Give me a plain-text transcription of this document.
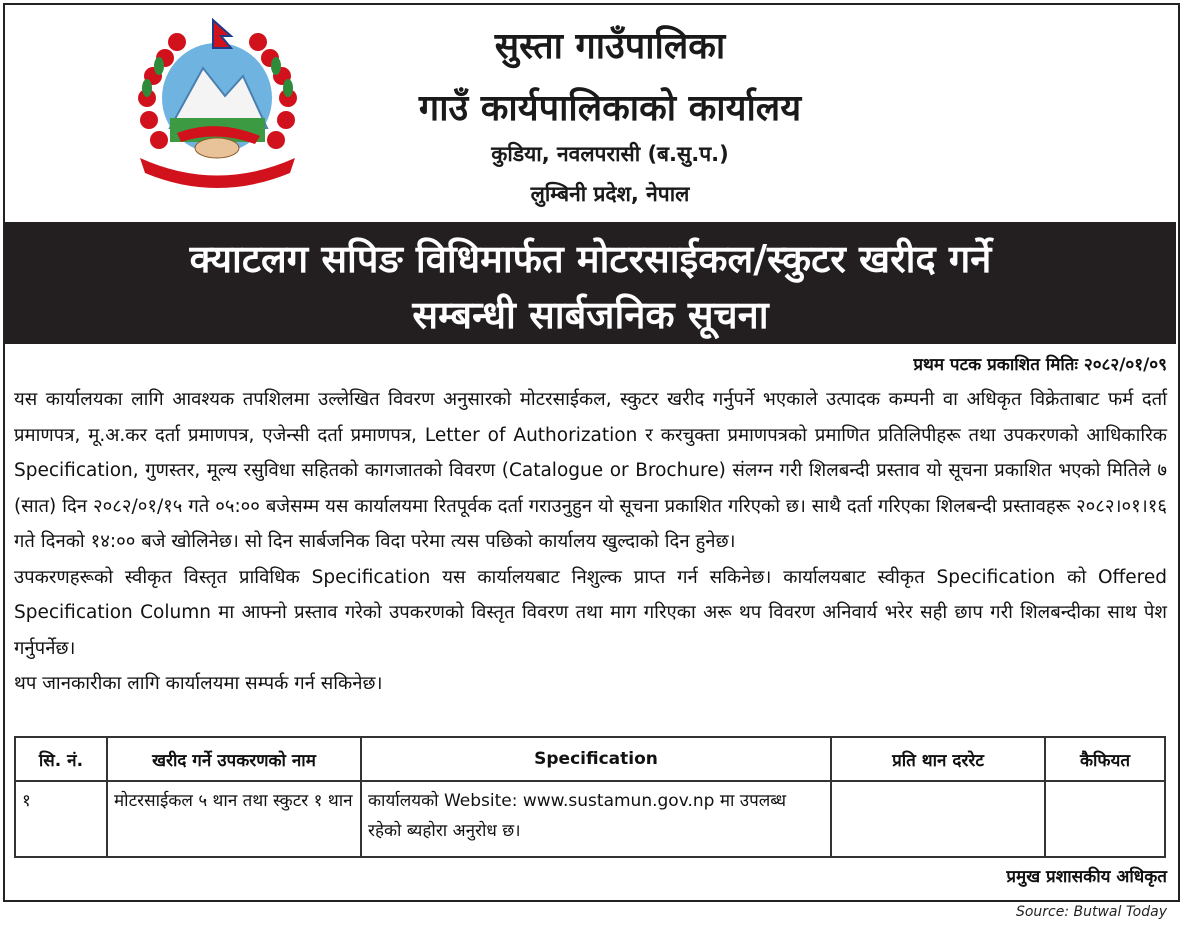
सुस्ता गाउँपालिका
गाउँ कार्यपालिकाको कार्यालय
कुडिया, नवलपरासी (ब.सु.प.)
लुम्बिनी प्रदेश, नेपाल
क्याटलग सपिङ विधिमार्फत मोटरसाईकल/स्कुटर खरीद गर्ने
सम्बन्धी सार्बजनिक सूचना
प्रथम पटक प्रकाशित मितिः २०८२/०१/०९

यस कार्यालयका लागि आवश्यक तपशिलमा उल्लेखित विवरण अनुसारको मोटरसाईकल, स्कुटर खरीद गर्नुपर्ने भएकाले उत्पादक कम्पनी वा अधिकृत विक्रेताबाट फर्म दर्ता प्रमाणपत्र, मू.अ.कर दर्ता प्रमाणपत्र, एजेन्सी दर्ता प्रमाणपत्र, Letter of Authorization र करचुक्ता प्रमाणपत्रको प्रमाणित प्रतिलिपीहरू तथा उपकरणको आधिकारिक Specification, गुणस्तर, मूल्य रसुविधा सहितको कागजातको विवरण (Catalogue or Brochure) संलग्न गरी शिलबन्दी प्रस्ताव यो सूचना प्रकाशित भएको मितिले ७ (सात) दिन २०८२/०१/१५ गते ०५:०० बजेसम्म यस कार्यालयमा रितपूर्वक दर्ता गराउनुहुन यो सूचना प्रकाशित गरिएको छ। साथै दर्ता गरिएका शिलबन्दी प्रस्तावहरू २०८२।०१।१६ गते दिनको १४:०० बजे खोलिनेछ। सो दिन सार्बजनिक विदा परेमा त्यस पछिको कार्यालय खुल्दाको दिन हुनेछ।

उपकरणहरूको स्वीकृत विस्तृत प्राविधिक Specification यस कार्यालयबाट निशुल्क प्राप्त गर्न सकिनेछ। कार्यालयबाट स्वीकृत Specification को Offered Specification Column मा आफ्नो प्रस्ताव गरेको उपकरणको विस्तृत विवरण तथा माग गरिएका अरू थप विवरण अनिवार्य भरेर सही छाप गरी शिलबन्दीका साथ पेश गर्नुपर्नेछ।

थप जानकारीका लागि कार्यालयमा सम्पर्क गर्न सकिनेछ।

सि. नं.	खरीद गर्ने उपकरणको नाम	Specification	प्रति थान दररेट	कैफियत
१	मोटरसाईकल ५ थान तथा स्कुटर १ थान	कार्यालयको Website: www.sustamun.gov.np मा उपलब्ध रहेको ब्यहोरा अनुरोध छ।		
प्रमुख प्रशासकीय अधिकृत
Source: Butwal Today
